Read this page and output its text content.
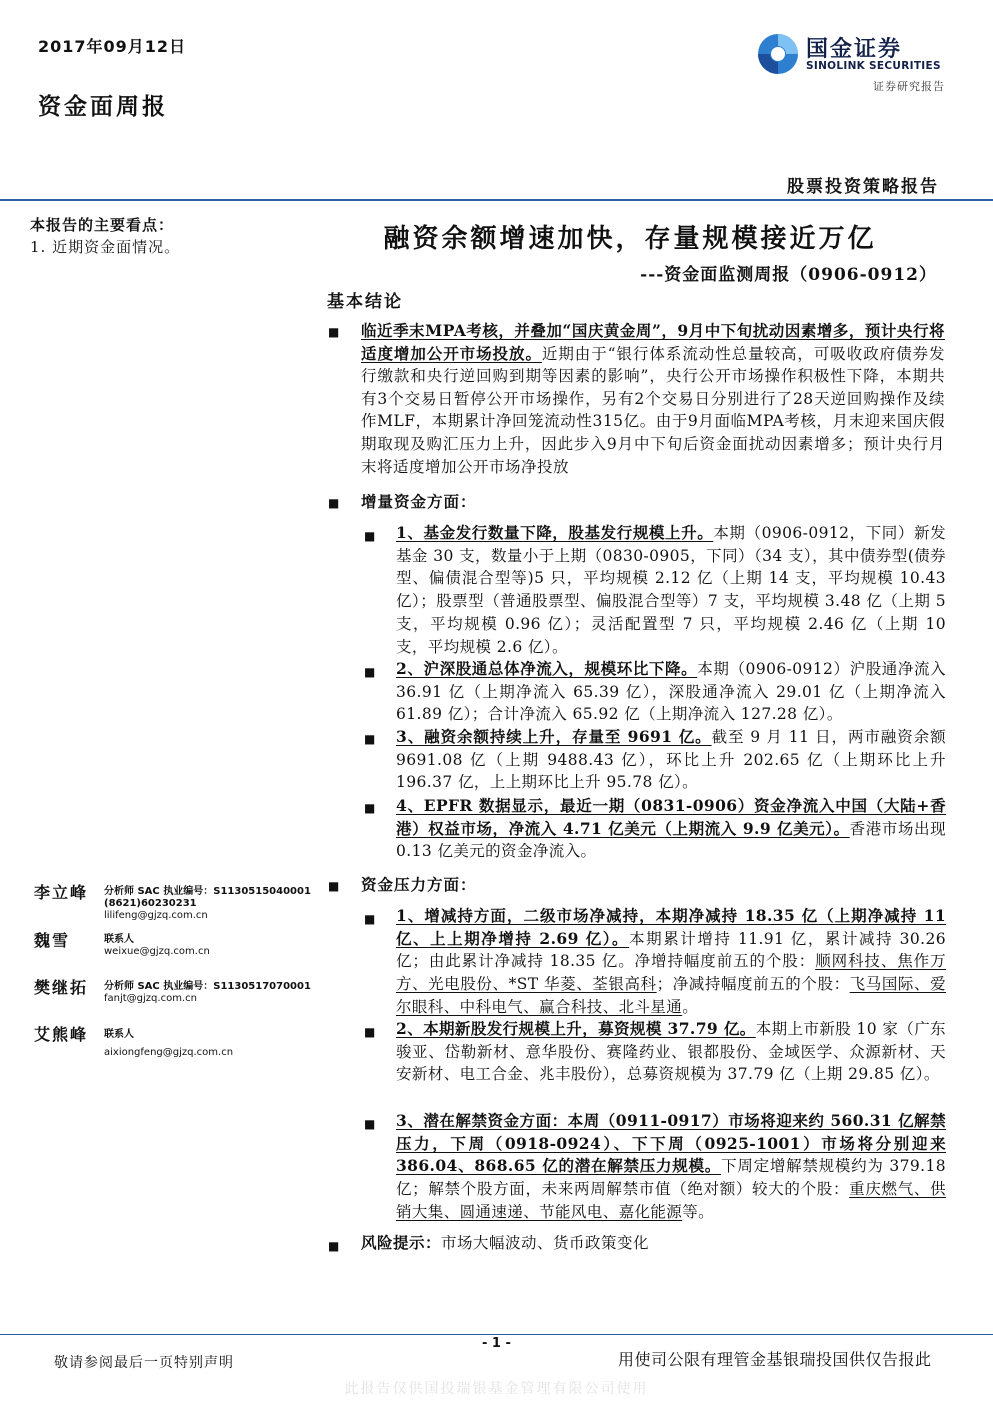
2017年09月12日
资金面周报
国金证券
SINOLINK SECURITIES
证券研究报告
股票投资策略报告
本报告的主要看点：
1. 近期资金面情况。
李立峰 分析师 SAC 执业编号：S1130515040001
(8621)60230231
lilifeng@gjzq.com.cn
魏雪	联系人
weixue@gjzq.com.cn
樊继拓 分析师 SAC 执业编号：S1130517070001
fanjt@gjzq.com.cn
艾熊峰 联系人
aixiongfeng@gjzq.com.cn
融资余额增速加快，存量规模接近万亿
---资金面监测周报（0906-0912）
基本结论
■ 临近季末MPA考核，并叠加“国庆黄金周”，9月中下旬扰动因素增多，预计央行将适度增加公开市场投放。近期由于“银行体系流动性总量较高，可吸收政府债券发行缴款和央行逆回购到期等因素的影响”，央行公开市场操作积极性下降，本期共有3个交易日暂停公开市场操作，另有2个交易日分别进行了28天逆回购操作及续作MLF，本期累计净回笼流动性315亿。由于9月面临MPA考核，月末迎来国庆假期取现及购汇压力上升，因此步入9月中下旬后资金面扰动因素增多；预计央行月末将适度增加公开市场净投放
■ 增量资金方面：
■ 1、基金发行数量下降，股基发行规模上升。本期（0906-0912，下同）新发基金 30 支，数量小于上期（0830-0905，下同）（34 支），其中债券型(债券型、偏债混合型等)5 只，平均规模 2.12 亿（上期 14 支，平均规模 10.43 亿）；股票型（普通股票型、偏股混合型等）7 支，平均规模 3.48 亿（上期 5 支，平均规模 0.96 亿）；灵活配置型 7 只，平均规模 2.46 亿（上期 10 支，平均规模 2.6 亿）。
■ 2、沪深股通总体净流入，规模环比下降。本期（0906-0912）沪股通净流入 36.91 亿（上期净流入 65.39 亿），深股通净流入 29.01 亿（上期净流入 61.89 亿）；合计净流入 65.92 亿（上期净流入 127.28 亿）。
■ 3、融资余额持续上升，存量至 9691 亿。截至 9 月 11 日，两市融资余额 9691.08 亿（上期 9488.43 亿），环比上升 202.65 亿（上期环比上升 196.37 亿，上上期环比上升 95.78 亿）。
■ 4、EPFR 数据显示，最近一期（0831-0906）资金净流入中国（大陆+香港）权益市场，净流入 4.71 亿美元（上期流入 9.9 亿美元）。香港市场出现 0.13 亿美元的资金净流入。
■ 资金压力方面：
■ 1、增减持方面，二级市场净减持，本期净减持 18.35 亿（上期净减持 11 亿、上上期净增持 2.69 亿）。本期累计增持 11.91 亿，累计减持 30.26 亿；由此累计净减持 18.35 亿。净增持幅度前五的个股：顺网科技、焦作万方、光电股份、*ST 华菱、荃银高科；净减持幅度前五的个股：飞马国际、爱尔眼科、中科电气、赢合科技、北斗星通。
■ 2、本期新股发行规模上升，募资规模 37.79 亿。本期上市新股 10 家（广东骏亚、岱勒新材、意华股份、赛隆药业、银都股份、金域医学、众源新材、天安新材、电工合金、兆丰股份），总募资规模为 37.79 亿（上期 29.85 亿）。
■ 3、潜在解禁资金方面：本周（0911-0917）市场将迎来约 560.31 亿解禁压力，下周（0918-0924）、下下周（0925-1001）市场将分别迎来 386.04、868.65 亿的潜在解禁压力规模。下周定增解禁规模约为 379.18 亿；解禁个股方面，未来两周解禁市值（绝对额）较大的个股：重庆燃气、供销大集、圆通速递、节能风电、嘉化能源等。
■ 风险提示：市场大幅波动、货币政策变化
- 1 -
敬请参阅最后一页特别声明	用使司公限有理管金基银瑞投国供仅告报此
此报告仅供国投瑞银基金管理有限公司使用
